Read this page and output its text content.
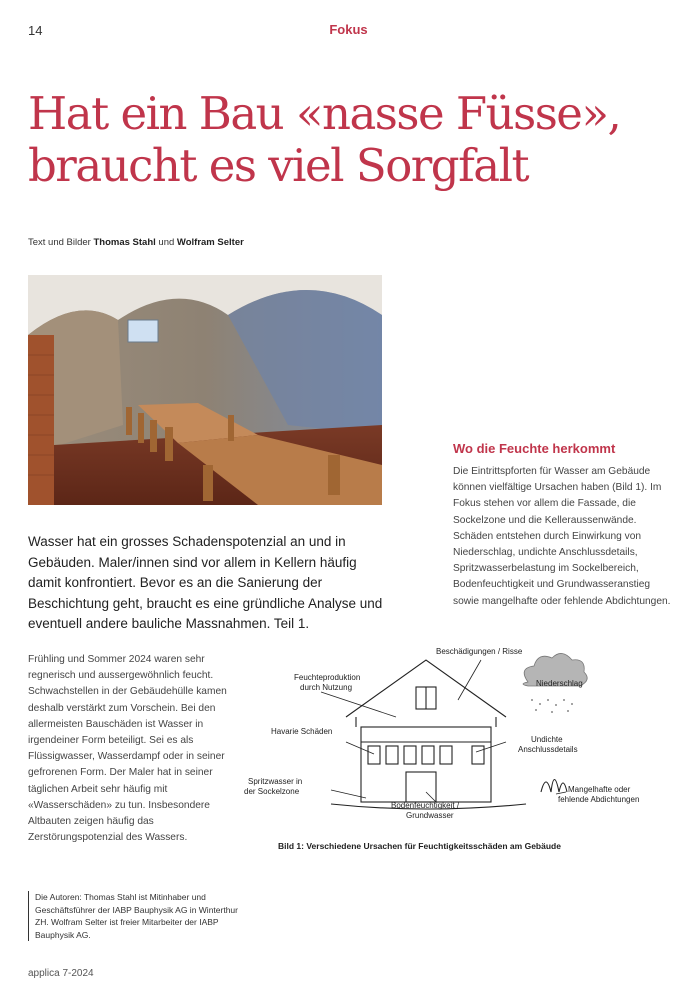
14	Fokus
Hat ein Bau «nasse Füsse», braucht es viel Sorgfalt
Text und Bilder Thomas Stahl und Wolfram Selter
Wasser hat ein grosses Schadenspotenzial an und in Gebäuden. Maler/innen sind vor allem in Kellern häufig damit konfrontiert. Bevor es an die Sanierung der Beschichtung geht, braucht es eine gründliche Analyse und eventuell andere bauliche Massnahmen. Teil 1.
Wo die Feuchte herkommt
Die Eintrittspforten für Wasser am Gebäude können vielfältige Ursachen haben (Bild 1). Im Fokus stehen vor allem die Fassade, die Sockelzone und die Kelleraussenwände. Schäden entstehen durch Einwirkung von Niederschlag, undichte Anschlussdetails, Spritzwasserbelastung im Sockelbereich, Bodenfeuchtigkeit und Grundwasseranstieg sowie mangelhafte oder fehlende Abdichtungen.
Frühling und Sommer 2024 waren sehr regnerisch und aussergewöhnlich feucht. Schwachstellen in der Gebäudehülle kamen deshalb verstärkt zum Vorschein. Bei den allermeisten Bauschäden ist Wasser in irgendeiner Form beteiligt. Sei es als Flüssigwasser, Wasserdampf oder in seiner gefrorenen Form. Der Maler hat in seiner täglichen Arbeit sehr häufig mit «Wasserschäden» zu tun. Insbesondere Altbauten zeigen häufig das Zerstörungspotenzial des Wassers.
Die Autoren: Thomas Stahl ist Mitinhaber und Geschäftsführer der IABP Bauphysik AG in Winterthur ZH. Wolfram Selter ist freier Mitarbeiter der IABP Bauphysik AG.
Beschädigungen / Risse
Feuchteproduktion
durch Nutzung	Niederschlag
Havarie Schäden
Undichte
Anschlussdetails
Spritzwasser in
der Sockelzone	Mangelhafte oder
fehlende Abdichtungen
Bodenfeuchtigkeit /
Grundwasser
Bild 1: Verschiedene Ursachen für Feuchtigkeitsschäden am Gebäude
applica 7-2024
